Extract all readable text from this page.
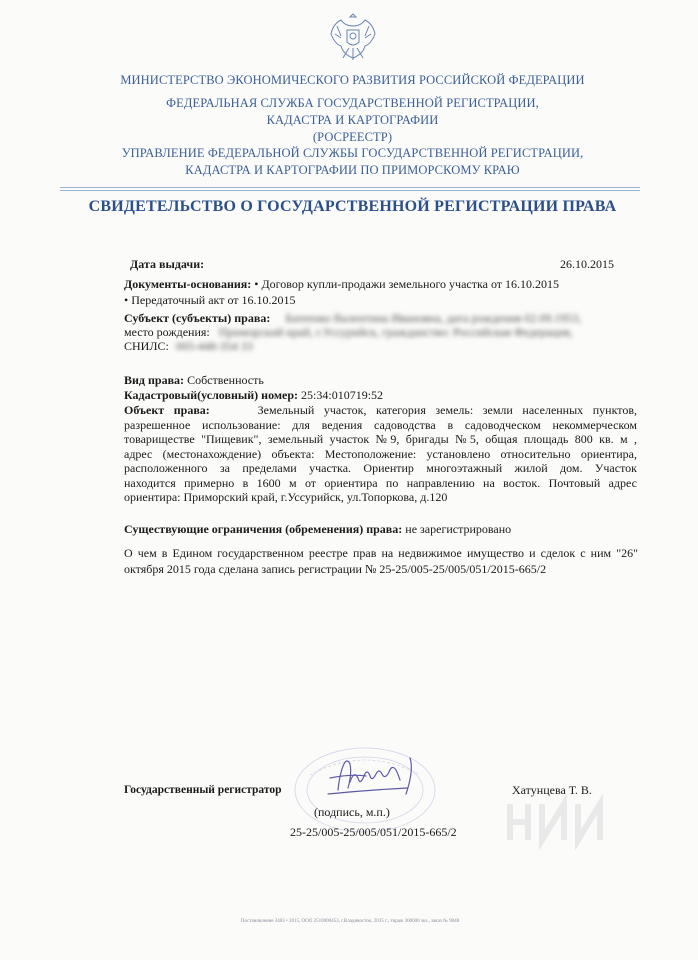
МИНИСТЕРСТВО ЭКОНОМИЧЕСКОГО РАЗВИТИЯ РОССИЙСКОЙ ФЕДЕРАЦИИ
ФЕДЕРАЛЬНАЯ СЛУЖБА ГОСУДАРСТВЕННОЙ РЕГИСТРАЦИИ,
КАДАСТРА И КАРТОГРАФИИ
(РОСРЕЕСТР)
УПРАВЛЕНИЕ ФЕДЕРАЛЬНОЙ СЛУЖБЫ ГОСУДАРСТВЕННОЙ РЕГИСТРАЦИИ,
КАДАСТРА И КАРТОГРАФИИ ПО ПРИМОРСКОМУ КРАЮ
СВИДЕТЕЛЬСТВО О ГОСУДАРСТВЕННОЙ РЕГИСТРАЦИИ ПРАВА
Дата выдачи:	26.10.2015
Документы-основания: • Договор купли-продажи земельного участка от 16.10.2015
• Передаточный акт от 16.10.2015
Субъект (субъекты) права: Батеенко Валентина Ивановна, дата рождения 02.09.1953,
место рождения: Приморский край, г.Уссурийск, гражданство: Российская Федерация,
СНИЛС: 005-448-354 33
Вид права: Собственность
Кадастровый(условный) номер: 25:34:010719:52
Объект права:	Земельный участок, категория земель: земли населенных пунктов,
разрешенное использование: для ведения садоводства в садоводческом некоммерческом
товариществе "Пищевик", земельный участок №9, бригады №5, общая площадь 800 кв. м ,
адрес (местонахождение) объекта: Местоположение: установлено относительно ориентира,
расположенного за пределами участка. Ориентир многоэтажный жилой дом. Участок
находится примерно в 1600 м от ориентира по направлению на восток. Почтовый адрес
ориентира: Приморский край, г.Уссурийск, ул.Топоркова, д.120
Существующие ограничения (обременения) права: не зарегистрировано
О чем в Едином государственном реестре прав на недвижимое имущество и сделок с ним "26"
октября 2015 года сделана запись регистрации № 25-25/005-25/005/051/2015-665/2
Государственный регистратор	Хатунцева Т. В.
(подпись, м.п.)
25-25/005-25/005/051/2015-665/2
Постановление 3403 • 2015, ООО 2510000453, г.Владивосток, 2015 г., тираж 300000 экз., заказ № 9048
